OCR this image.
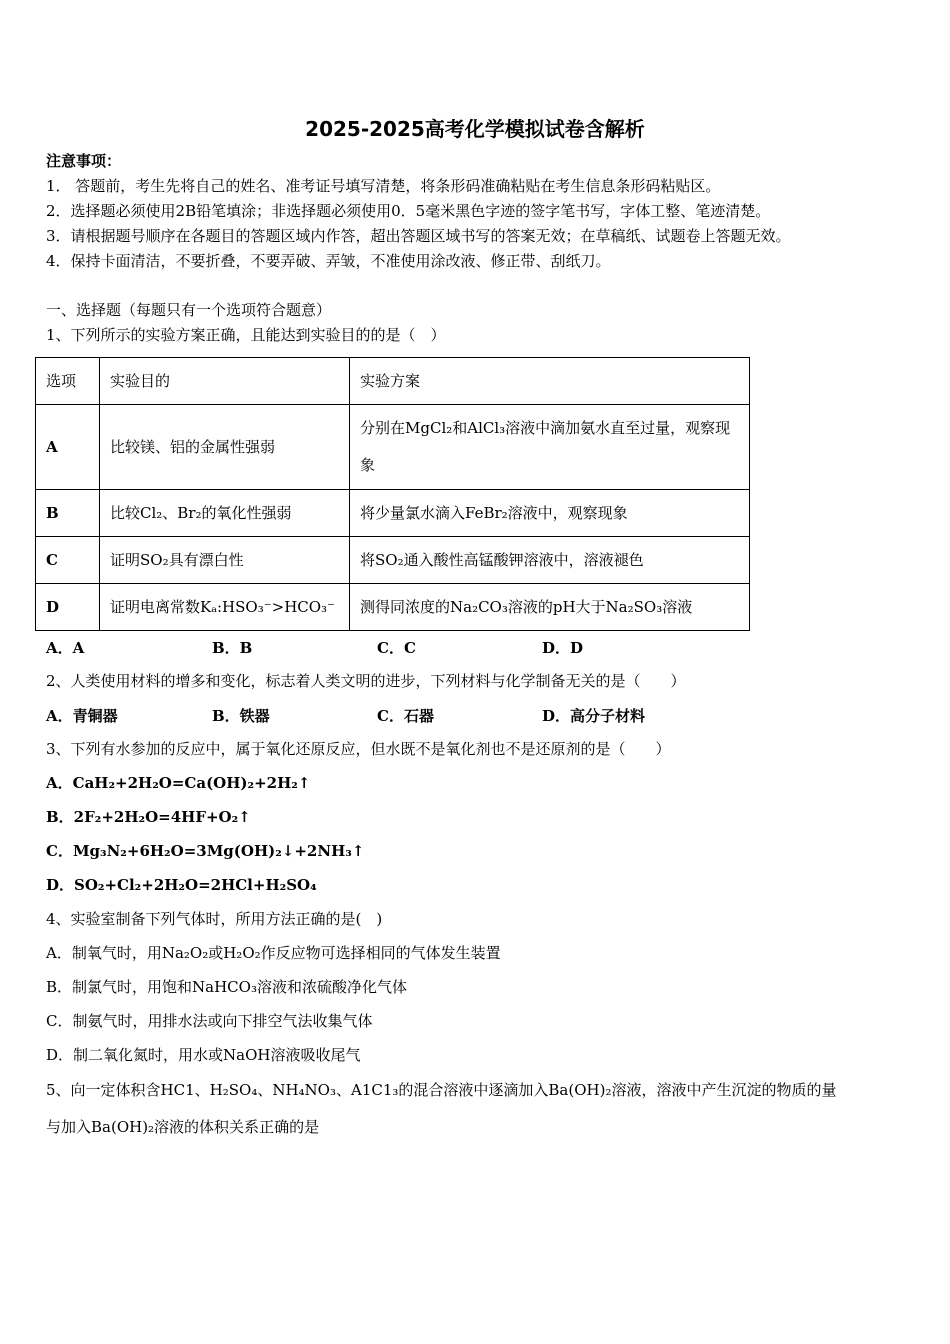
2025-2025高考化学模拟试卷含解析
注意事项：
1． 答题前，考生先将自己的姓名、准考证号填写清楚，将条形码准确粘贴在考生信息条形码粘贴区。
2．选择题必须使用2B铅笔填涂；非选择题必须使用0．5毫米黑色字迹的签字笔书写，字体工整、笔迹清楚。
3．请根据题号顺序在各题目的答题区域内作答，超出答题区域书写的答案无效；在草稿纸、试题卷上答题无效。
4．保持卡面清洁，不要折叠，不要弄破、弄皱，不准使用涂改液、修正带、刮纸刀。
一、选择题（每题只有一个选项符合题意）
1、下列所示的实验方案正确，且能达到实验目的的是（　）
选项	实验目的	实验方案
A	比较镁、铝的金属性强弱	分别在MgCl₂和AlCl₃溶液中滴加氨水直至过量，观察现象
B	比较Cl₂、Br₂的氧化性强弱	将少量氯水滴入FeBr₂溶液中，观察现象
C	证明SO₂具有漂白性	将SO₂通入酸性高锰酸钾溶液中，溶液褪色
D	证明电离常数Kₐ:HSO₃⁻>HCO₃⁻	测得同浓度的Na₂CO₃溶液的pH大于Na₂SO₃溶液
A．A	B．B	C．C	D．D
2、人类使用材料的增多和变化，标志着人类文明的进步，下列材料与化学制备无关的是（　　）
A．青铜器	B．铁器	C．石器	D．高分子材料
3、下列有水参加的反应中，属于氧化还原反应，但水既不是氧化剂也不是还原剂的是（　　）
A．CaH₂+2H₂O=Ca(OH)₂+2H₂↑
B．2F₂+2H₂O=4HF+O₂↑
C．Mg₃N₂+6H₂O=3Mg(OH)₂↓+2NH₃↑
D．SO₂+Cl₂+2H₂O=2HCl+H₂SO₄
4、实验室制备下列气体时，所用方法正确的是(　)
A．制氧气时，用Na₂O₂或H₂O₂作反应物可选择相同的气体发生装置
B．制氯气时，用饱和NaHCO₃溶液和浓硫酸净化气体
C．制氨气时，用排水法或向下排空气法收集气体
D．制二氧化氮时，用水或NaOH溶液吸收尾气
5、向一定体积含HC1、H₂SO₄、NH₄NO₃、A1C1₃的混合溶液中逐滴加入Ba(OH)₂溶液，溶液中产生沉淀的物质的量
与加入Ba(OH)₂溶液的体积关系正确的是
